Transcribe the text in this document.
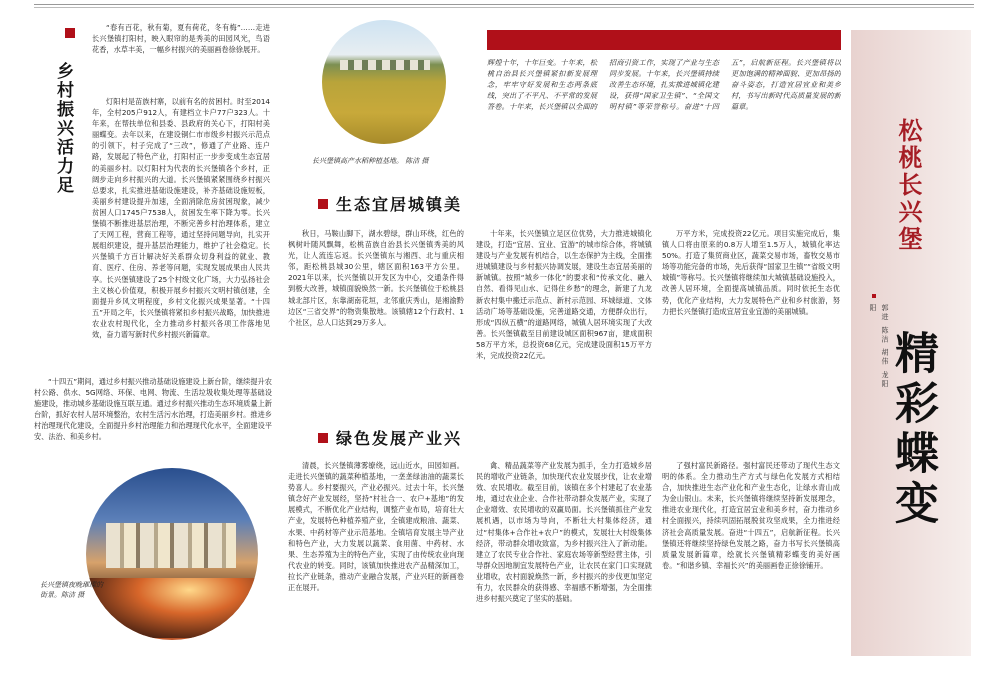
乡村振兴活力足

“春有百花，秋有菊，夏有荷花，冬有梅”……走进长兴堡镇打阳村，映入眼帘的是秀美的田园风光，鸟语花香，水草丰美，一幅乡村振兴的美丽画卷徐徐展开。

灯阳村是苗族村寨，以前有名的贫困村。时至2014年，全村205户912人，有建档立卡户77户323人。十年来，在帮扶单位和县委、县政府的关心下，打阳村美丽蝶变。去年以来，在建设铜仁市市级乡村振兴示范点的引领下，村子完成了“三改”，修通了产业路、连户路，发展起了特色产业，打阳村正一步步变成生态宜居的美丽乡村。以灯阳村为代表的长兴堡镇各个乡村，正阔步走向乡村振兴的大道。长兴堡镇紧紧围绕乡村振兴总要求，扎实推进基础设施建设，补齐基础设施短板，美丽乡村建设提升加速，全面消除危房贫困现象，减少贫困人口1745户7538人，贫困发生率下降为零。长兴堡镇不断推进基层治理，不断完善乡村治理体系，建立了天网工程，营商工程等，通过坚持问题导向，扎实开展组织建设，提升基层治理能力，维护了社会稳定。长兴堡镇千方百计解决好关系群众切身利益的就业、教育、医疗、住房、养老等问题，实现发展成果由人民共享。长兴堡镇建设了25个村级文化广场，大力弘扬社会主义核心价值观，积极开展乡村振兴文明村镇创建，全面提升乡风文明程度，乡村文化振兴成果显著。“十四五”开局之年，长兴堡镇将紧扣乡村振兴战略，加快推进农业农村现代化，全力推动乡村振兴各项工作落地见效，奋力谱写新时代乡村振兴新篇章。

“十四五”期间，通过乡村振兴推动基础设施建设上新台阶，继续提升农村公路、供水、5G网络、环保、电网、物流、生活垃圾收集处理等基础设施建设，推动城乡基础设施互联互通。通过乡村振兴推动生态环境质量上新台阶，抓好农村人居环境整治，农村生活污水治理，打造美丽乡村。推进乡村治理现代化建设，全面提升乡村治理能力和治理现代化水平，全面建设平安、法治、和美乡村。

长兴堡镇夜晚璀璨的街景。陈洁 摄
长兴堡镇高产水稻种植基地。 陈洁 摄
辉煌十年，十年巨变。十年来，松桃自治县长兴堡镇紧扣新发展理念，牢牢守好发展和生态两条底线，突出了不平凡、不平常的发展答卷。十年来，长兴堡镇以全面的招商引资工作，实现了产业与生态同步发展。十年来，长兴堡镇持续改善生态环境，扎实推进城镇化建设，获得“国家卫生镇”、“全国文明村镇”等荣誉称号。奋进“十四五”，启航新征程。长兴堡镇将以更加饱满的精神面貌、更加昂扬的奋斗姿态，打造宜居宜业和美乡村，书写出新时代高质量发展的新篇章。
生态宜居城镇美

秋日，马鞍山脚下，湖水碧绿，群山环绕，红色的枫树叶随风飘舞，松桃苗族自治县长兴堡镇秀美的风光，让人流连忘返。长兴堡镇东与湘西、北与重庆相邻，距松桃县城30公里，辖区面积163平方公里。2021年以来，长兴堡镇以开发区为中心，交通条件得到极大改善，城镇面貌焕然一新。长兴堡镇位于松桃县城北部片区，东靠湖南花垣，北邻重庆秀山，是湘渝黔边区“三省交界”的物资集散地。该镇辖12个行政村、1个社区，总人口达到29万多人。

十年来，长兴堡镇立足区位优势，大力推进城镇化建设，打造“宜居、宜业、宜游”的城市综合体，将城镇建设与产业发展有机结合，以生态保护为主线，全面推进城镇建设与乡村振兴协调发展，建设生态宜居美丽的新城镇。按照“城乡一体化”的要求和“传承文化、融入自然、看得见山水、记得住乡愁”的理念，新建了九龙新农村集中搬迁示范点、新村示范园、环城绿道、文体活动广场等基础设施，完善道路交通，方便群众出行，形成“四纵五横”的道路网络，城镇人居环境实现了大改善。长兴堡镇截至目前建设城区面积967亩，建成面积58万平方米，总投资68亿元，完成建设面积15万平方米，完成投资22亿元。

万平方米，完成投资22亿元。项目实施完成后，集镇人口将由原来的0.8万人增至1.5万人，城镇化率达50%。打造了集贸商业区，蔬菜交易市场，畜牧交易市场等功能完备的市场，先后获得“国家卫生镇”“省级文明城镇”等称号。长兴堡镇将继续加大城镇基础设施投入，改善人居环境，全面提高城镇品质。同时依托生态优势，优化产业结构，大力发展特色产业和乡村旅游，努力把长兴堡镇打造成宜居宜业宜游的美丽城镇。

绿色发展产业兴

清晨，长兴堡镇薄雾缭绕，远山近水，田园如画。走进长兴堡镇的蔬菜种植基地，一垄垄绿油油的蔬菜长势喜人。乡村要振兴，产业必振兴。过去十年，长兴堡镇念好产业发展经，坚持“村社合一、农户+基地”的发展模式，不断优化产业结构，调整产业布局，培育壮大产业，发展特色种植养殖产业，全镇建成粮油、蔬菜、水果、中药材等产业示范基地。全镇培育发展主导产业和特色产业，大力发展以蔬菜、食用菌、中药材、水果、生态养殖为主的特色产业，实现了由传统农业向现代农业的转变。同时，该镇加快推进农产品精深加工，拉长产业链条，推动产业融合发展，产业兴旺的新画卷正在展开。

禽、精品蔬菜等产业发展为抓手，全力打造城乡居民的增收产业链条，加快现代农业发展步伐，让农业增效、农民增收。截至目前，该镇在多个村建起了农业基地，通过农业企业、合作社带动群众发展产业，实现了企业增效、农民增收的双赢局面。长兴堡镇抓住产业发展机遇，以市场为导向，不断壮大村集体经济，通过“村集体+合作社+农户”的模式，发展壮大村级集体经济，带动群众增收致富，为乡村振兴注入了新动能。建立了农民专业合作社、家庭农场等新型经营主体，引导群众因地制宜发展特色产业，让农民在家门口实现就业增收，农村面貌焕然一新，乡村振兴的步伐更加坚定有力，农民群众的获得感、幸福感不断增强，为全面推进乡村振兴奠定了坚实的基础。

了强村富民新路径。强村富民还带动了现代生态文明的体系。全力推动生产方式与绿色化发展方式相结合，加快推进生态产业化和产业生态化，让绿水青山成为金山银山。未来，长兴堡镇将继续坚持新发展理念，推进农业现代化，打造宜居宜业和美乡村，奋力推动乡村全面振兴，持续巩固拓展脱贫攻坚成果，全力推进经济社会高质量发展。奋进“十四五”，启航新征程。长兴堡镇还将继续坚持绿色发展之路，奋力书写长兴堡镇高质量发展新篇章，绘就长兴堡镇精彩蝶变的美好画卷。“和谐乡镇、幸福长兴”的美丽画卷正徐徐铺开。

松桃长兴堡
郭进 陈洁 胡伟 龙阳阳
精彩蝶变
